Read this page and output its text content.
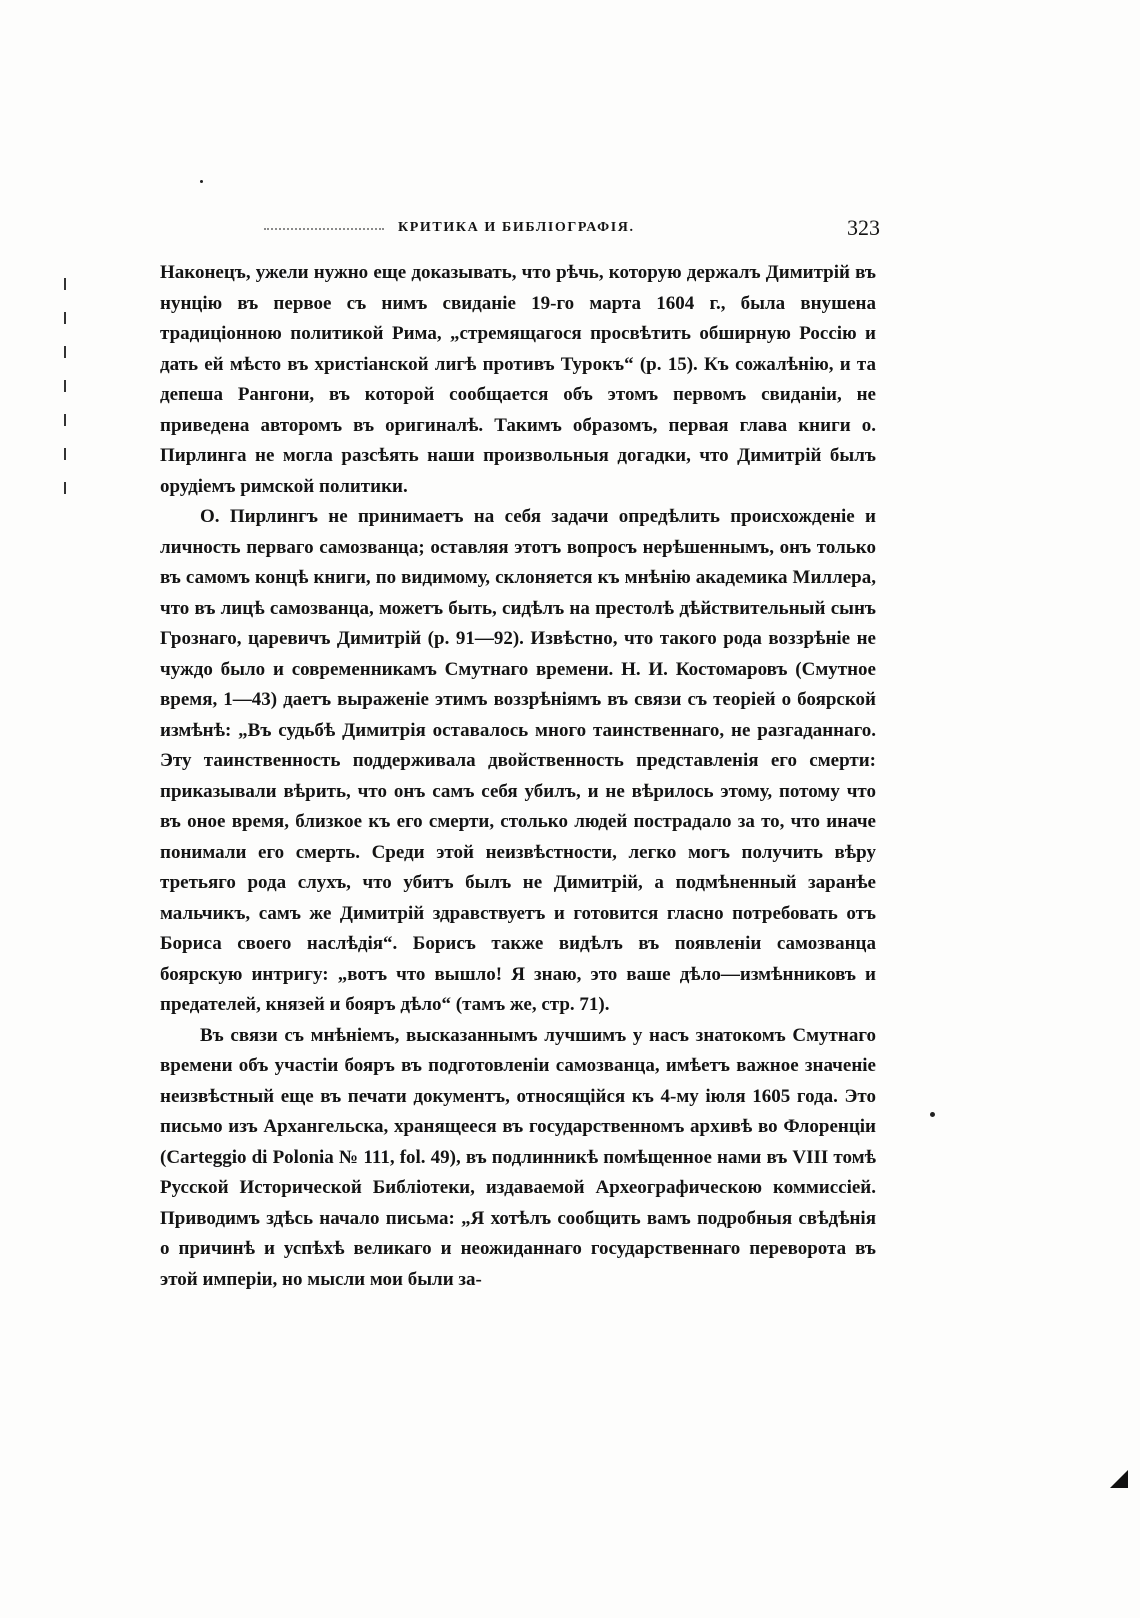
КРИТИКА И БИБЛІОГРАФІЯ.	323

Наконецъ, ужели нужно еще доказывать, что рѣчь, которую держалъ Димитрій въ нунцію въ первое съ нимъ свиданіе 19-го марта 1604 г., была внушена традиціонною политикой Рима, „стремящагося просвѣтить обширную Россію и дать ей мѣсто въ христіанской лигѣ противъ Турокъ“ (p. 15). Къ сожалѣнію, и та депеша Рангони, въ которой сообщается объ этомъ первомъ свиданіи, не приведена авторомъ въ оригиналѣ. Такимъ образомъ, первая глава книги о. Пирлинга не могла разсѣять наши произвольныя догадки, что Димитрій былъ орудіемъ римской политики.

О. Пирлингъ не принимаетъ на себя задачи опредѣлить происхожденіе и личность перваго самозванца; оставляя этотъ вопросъ нерѣшеннымъ, онъ только въ самомъ концѣ книги, по видимому, склоняется къ мнѣнію академика Миллера, что въ лицѣ самозванца, можетъ быть, сидѣлъ на престолѣ дѣйствительный сынъ Грознаго, царевичъ Димитрій (p. 91—92). Извѣстно, что такого рода воззрѣніе не чуждо было и современникамъ Смутнаго времени. Н. И. Костомаровъ (Смутное время, 1—43) даетъ выраженіе этимъ воззрѣніямъ въ связи съ теоріей о боярской измѣнѣ: „Въ судьбѣ Димитрія оставалось много таинственнаго, не разгаданнаго. Эту таинственность поддерживала двойственность представленія его смерти: приказывали вѣрить, что онъ самъ себя убилъ, и не вѣрилось этому, потому что въ оное время, близкое къ его смерти, столько людей пострадало за то, что иначе понимали его смерть. Среди этой неизвѣстности, легко могъ получить вѣру третьяго рода слухъ, что убитъ былъ не Димитрій, а подмѣненный заранѣе мальчикъ, самъ же Димитрій здравствуетъ и готовится гласно потребовать отъ Бориса своего наслѣдія“. Борисъ также видѣлъ въ появленіи самозванца боярскую интригу: „вотъ что вышло! Я знаю, это ваше дѣло—измѣнниковъ и предателей, князей и бояръ дѣло“ (тамъ же, стр. 71).

Въ связи съ мнѣніемъ, высказаннымъ лучшимъ у насъ знатокомъ Смутнаго времени объ участіи бояръ въ подготовленіи самозванца, имѣетъ важное значеніе неизвѣстный еще въ печати документъ, относящійся къ 4-му іюля 1605 года. Это письмо изъ Архангельска, хранящееся въ государственномъ архивѣ во Флоренціи (Carteggio di Polonia № 111, fol. 49), въ подлинникѣ помѣщенное нами въ VIII томѣ Русской Исторической Библіотеки, издаваемой Археографическою коммиссіей. Приводимъ здѣсь начало письма: „Я хотѣлъ сообщить вамъ подробныя свѣдѣнія о причинѣ и успѣхѣ великаго и неожиданнаго государственнаго переворота въ этой имперіи, но мысли мои были за-
